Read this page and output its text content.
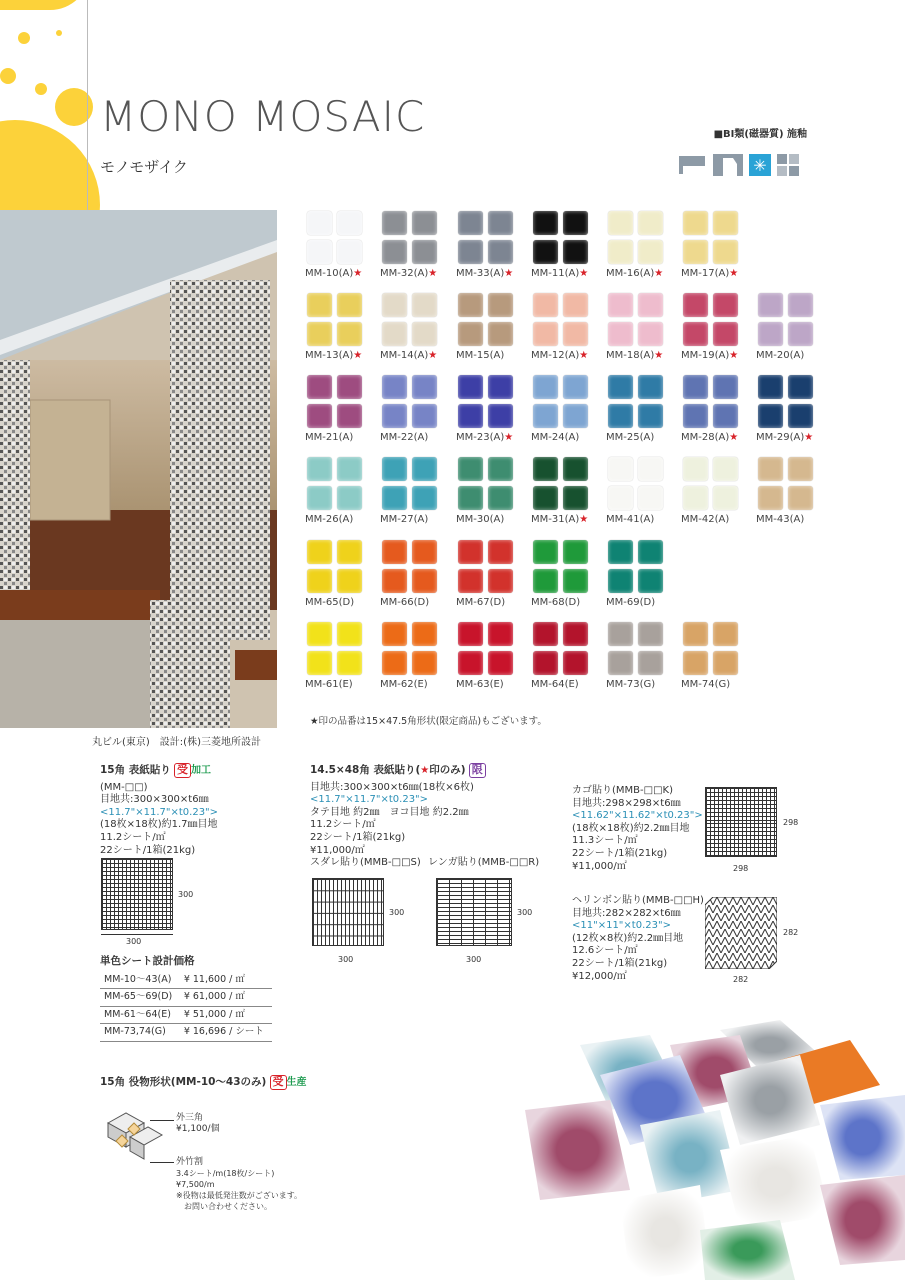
MONO MOSAIC
モノモザイク
■BⅠ類(磁器質) 施釉
✳
丸ビル(東京)　設計:(株)三菱地所設計
MM-10(A)★ MM-32(A)★ MM-33(A)★ MM-11(A)★ MM-16(A)★ MM-17(A)★
MM-13(A)★ MM-14(A)★ MM-15(A)	MM-12(A)★ MM-18(A)★ MM-19(A)★ MM-20(A)
MM-21(A)	MM-22(A)	MM-23(A)★ MM-24(A)	MM-25(A)	MM-28(A)★ MM-29(A)★
MM-26(A)	MM-27(A)	MM-30(A)	MM-31(A)★ MM-41(A)	MM-42(A)	MM-43(A)
MM-65(D)	MM-66(D)	MM-67(D)	MM-68(D)	MM-69(D)
MM-61(E)	MM-62(E)	MM-63(E)	MM-64(E)	MM-73(G)	MM-74(G)
★印の品番は15×47.5角形状(限定商品)もございます。
15角 表紙貼り 受 加工
(MM-□□)
目地共:300×300×t6㎜
<11.7"×11.7"×t0.23">
(18枚×18枚)約1.7㎜目地
11.2シート/㎡
22シート/1箱(21kg)
300
300
単色シート設計価格
MM-10～43(A)	¥ 11,600 / ㎡
MM-65～69(D)	¥ 61,000 / ㎡
MM-61～64(E)	¥ 51,000 / ㎡
MM-73,74(G)	¥ 16,696 / シート
14.5×48角 表紙貼り(★印のみ) 限
目地共:300×300×t6㎜(18枚×6枚)
<11.7"×11.7"×t0.23">
タテ目地 約2㎜　ヨコ目地 約2.2㎜
11.2シート/㎡
22シート/1箱(21kg)
¥11,000/㎡
スダレ貼り(MMB-□□S) レンガ貼り(MMB-□□R)
300
300
300
300
カゴ貼り(MMB-□□K)
目地共:298×298×t6㎜
<11.62"×11.62"×t0.23">
(18枚×18枚)約2.2㎜目地
11.3シート/㎡
22シート/1箱(21kg)
¥11,000/㎡
298
298
ヘリンボン貼り(MMB-□□H)
目地共:282×282×t6㎜
<11"×11"×t0.23">
(12枚×8枚)約2.2㎜目地
12.6シート/㎡
22シート/1箱(21kg)
¥12,000/㎡
282
282
15角 役物形状(MM-10～43のみ) 受 生産
外三角
¥1,100/個
外竹割
3.4シート/m(18枚/シート)
¥7,500/m
※役物は最低発注数がございます。
お問い合わせください。
